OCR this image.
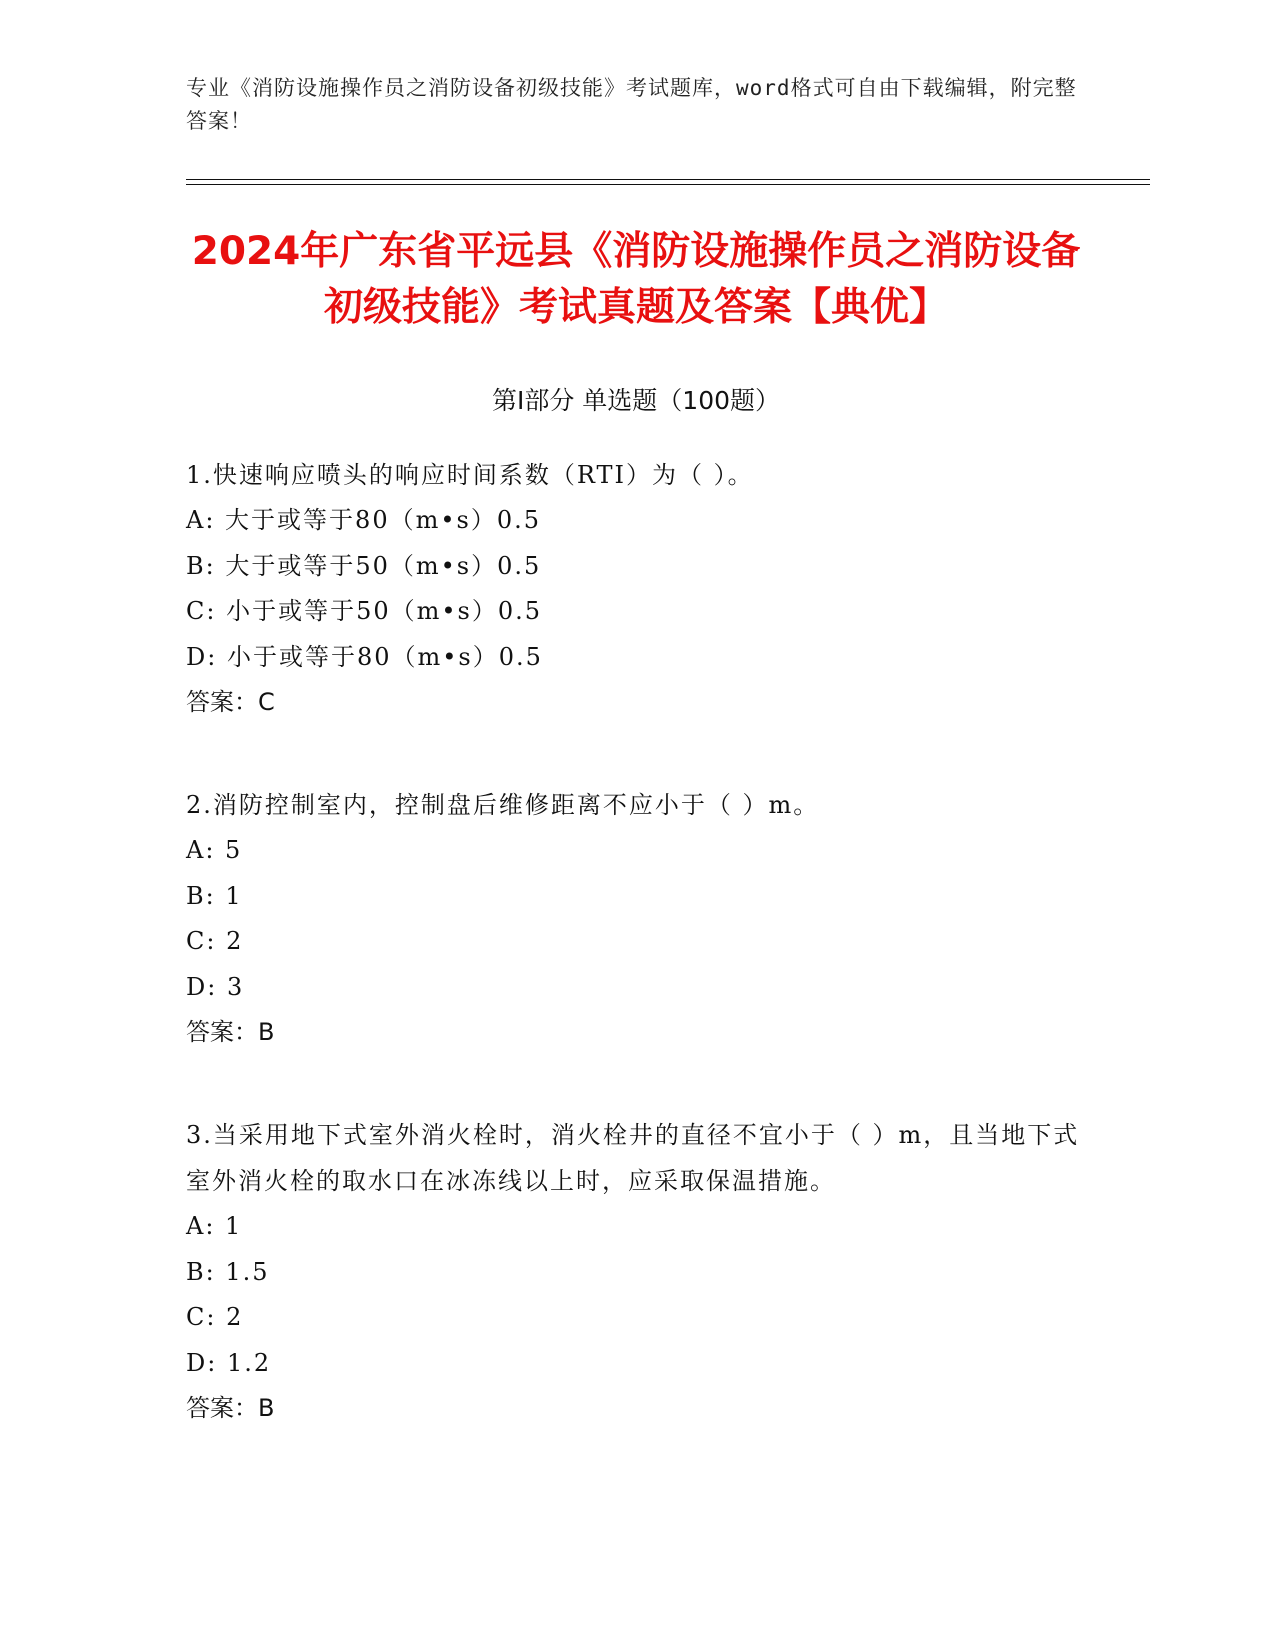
专业《消防设施操作员之消防设备初级技能》考试题库，word格式可自由下载编辑，附完整答案！
2024年广东省平远县《消防设施操作员之消防设备初级技能》考试真题及答案【典优】
第I部分 单选题（100题）
1.快速响应喷头的响应时间系数（RTI）为（ ）。
A: 大于或等于80（m•s）0.5
B: 大于或等于50（m•s）0.5
C: 小于或等于50（m•s）0.5
D: 小于或等于80（m•s）0.5
答案：C
2.消防控制室内，控制盘后维修距离不应小于（ ）m。
A: 5
B: 1
C: 2
D: 3
答案：B
3.当采用地下式室外消火栓时，消火栓井的直径不宜小于（ ）m，且当地下式室外消火栓的取水口在冰冻线以上时，应采取保温措施。
A: 1
B: 1.5
C: 2
D: 1.2
答案：B
